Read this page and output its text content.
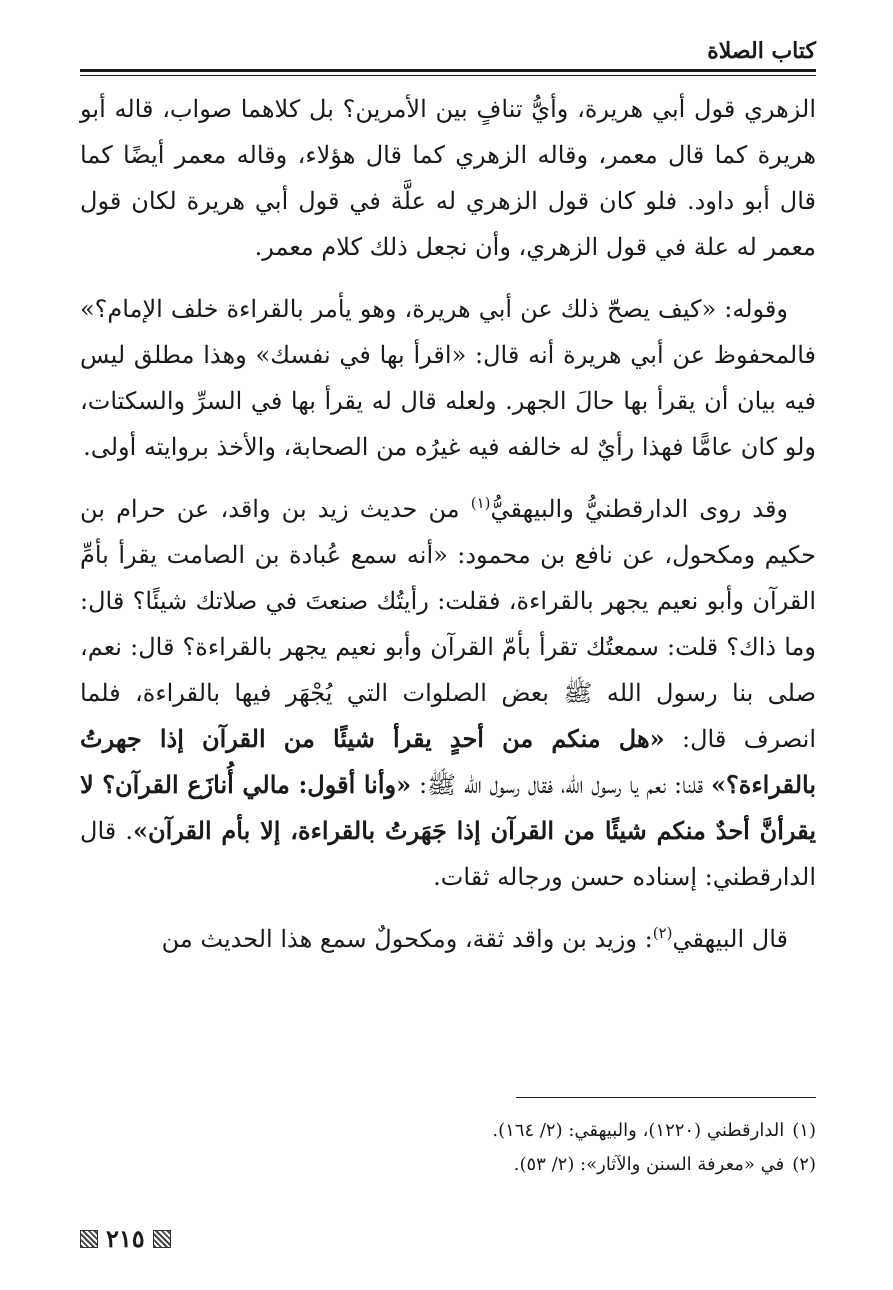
كتاب الصلاة

الزهري قول أبي هريرة، وأيُّ تنافٍ بين الأمرين؟ بل كلاهما صواب، قاله أبو هريرة كما قال معمر، وقاله الزهري كما قال هؤلاء، وقاله معمر أيضًا كما قال أبو داود. فلو كان قول الزهري له علَّة في قول أبي هريرة لكان قول معمر له علة في قول الزهري، وأن نجعل ذلك كلام معمر.

وقوله: «كيف يصحّ ذلك عن أبي هريرة، وهو يأمر بالقراءة خلف الإمام؟» فالمحفوظ عن أبي هريرة أنه قال: «اقرأ بها في نفسك» وهذا مطلق ليس فيه بيان أن يقرأ بها حالَ الجهر. ولعله قال له يقرأ بها في السرِّ والسكتات، ولو كان عامًّا فهذا رأيٌ له خالفه فيه غيرُه من الصحابة، والأخذ بروايته أولى.

وقد روى الدارقطنيُّ والبيهقيُّ$^{(١)}$ من حديث زيد بن واقد، عن حرام بن حكيم ومكحول، عن نافع بن محمود: «أنه سمع عُبادة بن الصامت يقرأ بأمِّ القرآن وأبو نعيم يجهر بالقراءة، فقلت: رأيتُك صنعتَ في صلاتك شيئًا؟ قال: وما ذاك؟ قلت: سمعتُك تقرأ بأمّ القرآن وأبو نعيم يجهر بالقراءة؟ قال: نعم، صلى بنا رسول الله ﷺ بعض الصلوات التي يُجْهَر فيها بالقراءة، فلما انصرف قال: «هل منكم من أحدٍ يقرأ شيئًا من القرآن إذا جهرتُ بالقراءة؟» قلنا: نعم يا رسول الله، فقال رسول الله ﷺ: «وأنا أقول: مالي أُنازَع القرآن؟ لا يقرأنَّ أحدٌ منكم شيئًا من القرآن إذا جَهَرتُ بالقراءة، إلا بأم القرآن». قال الدارقطني: إسناده حسن ورجاله ثقات.

قال البيهقي$^{(٢)}$: وزيد بن واقد ثقة، ومكحولٌ سمع هذا الحديث من

(١)
الدارقطني (١٢٢٠)، والبيهقي: (٢/ ١٦٤).
(٢)
في «معرفة السنن والآثار»: (٢/ ٥٣).
٢١٥
